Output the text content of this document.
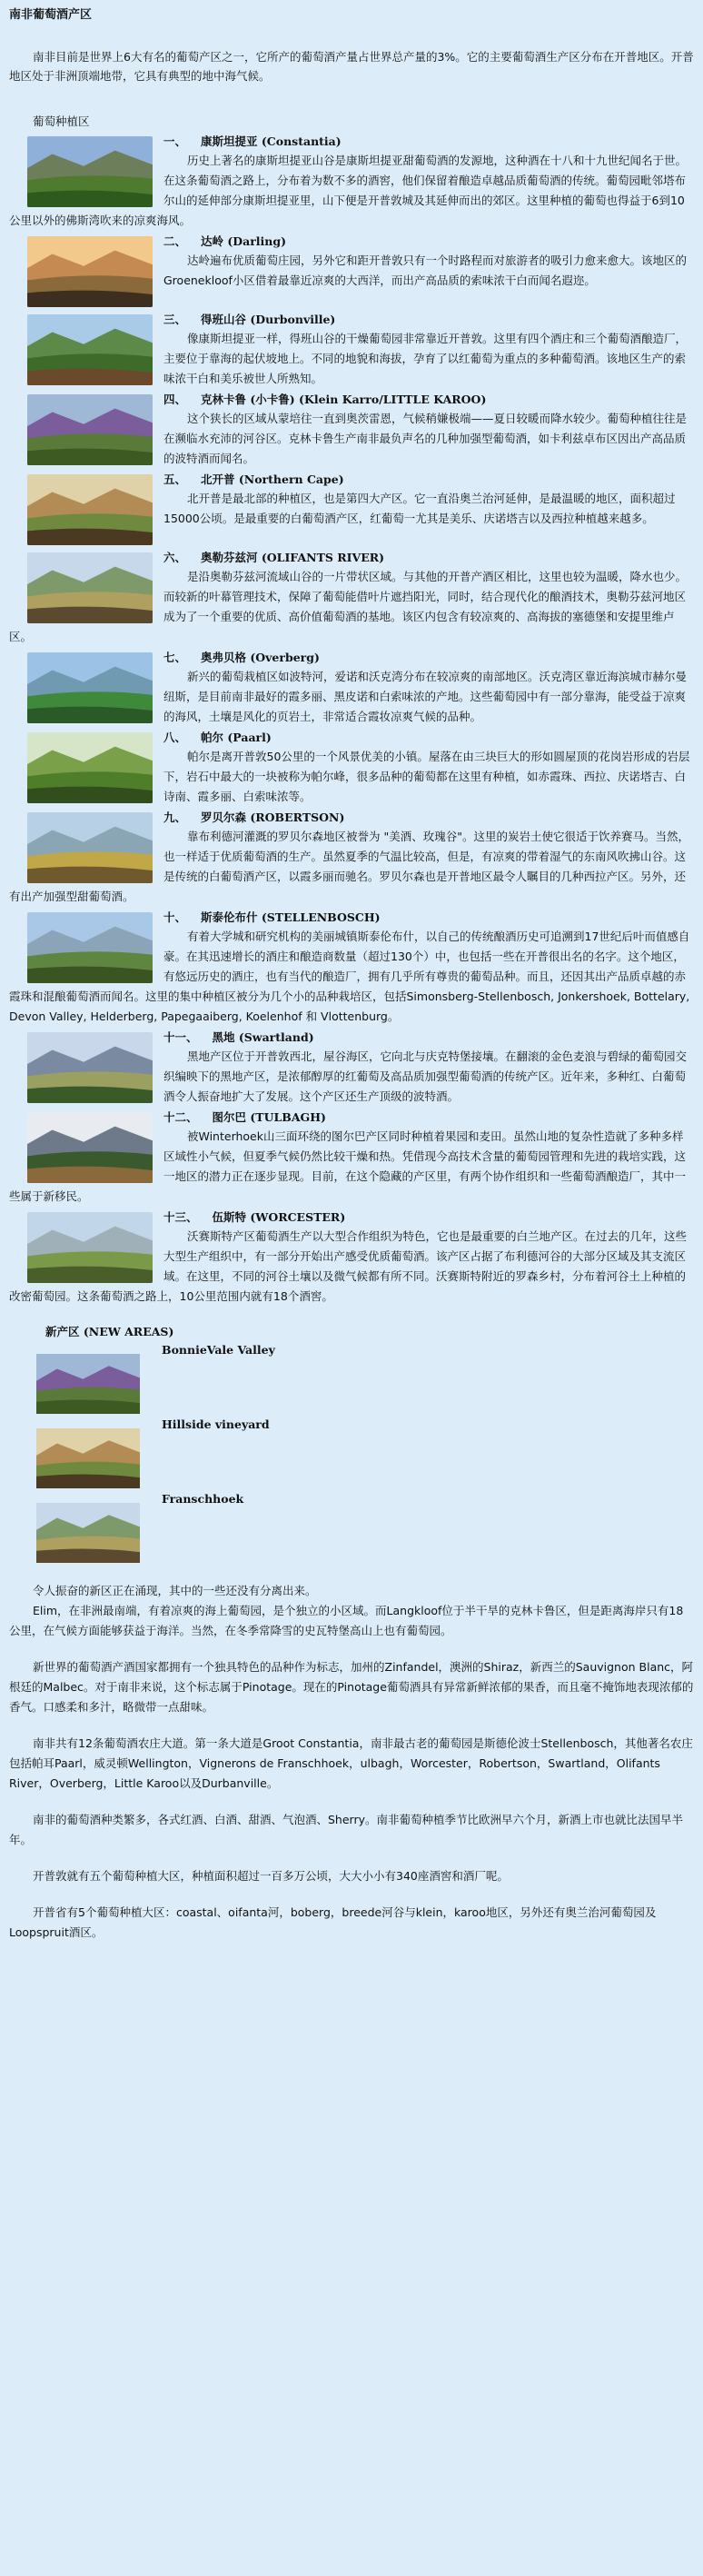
南非葡萄酒产区
南非目前是世界上6大有名的葡萄产区之一，它所产的葡萄酒产量占世界总产量的3%。它的主要葡萄酒生产区分布在开普地区。开普地区处于非洲顶端地带，它具有典型的地中海气候。
葡萄种植区
一、 康斯坦提亚 (Constantia)
历史上著名的康斯坦提亚山谷是康斯坦提亚甜葡萄酒的发源地，这种酒在十八和十九世纪闻名于世。在这条葡萄酒之路上，分布着为数不多的酒窖，他们保留着酿造卓越品质葡萄酒的传统。葡萄园毗邻塔布尔山的延伸部分康斯坦提亚里，山下便是开普敦城及其延伸而出的郊区。这里种植的葡萄也得益于6到10公里以外的佛斯湾吹来的凉爽海风。
二、 达岭 (Darling)
达岭遍布优质葡萄庄园，另外它和距开普敦只有一个时路程而对旅游者的吸引力愈来愈大。该地区的Groenekloof小区借着最靠近凉爽的大西洋，而出产高品质的索味浓干白而闻名遐迩。
三、 得班山谷 (Durbonville)
像康斯坦提亚一样，得班山谷的干燥葡萄园非常靠近开普敦。这里有四个酒庄和三个葡萄酒酿造厂，主要位于靠海的起伏坡地上。不同的地貌和海拔，孕育了以红葡萄为重点的多种葡萄酒。该地区生产的索味浓干白和美乐被世人所熟知。
四、 克林卡鲁 (小卡鲁) (Klein Karro/LITTLE KAROO)
这个狭长的区域从蒙培往一直到奥茨雷恩，气候稍嫌极端——夏日较暖而降水较少。葡萄种植往往是在濒临水充沛的河谷区。克林卡鲁生产南非最负声名的几种加强型葡萄酒，如卡利兹卓布区因出产高品质的波特酒而闻名。
五、 北开普 (Northern Cape)
北开普是最北部的种植区，也是第四大产区。它一直沿奥兰治河延伸，是最温暖的地区，面积超过15000公顷。是最重要的白葡萄酒产区，红葡萄一尤其是美乐、庆诺塔吉以及西拉种植越来越多。
六、 奥勒芬兹河 (OLIFANTS RIVER)
是沿奥勒芬兹河流域山谷的一片带状区域。与其他的开普产酒区相比，这里也较为温暖，降水也少。而较新的叶幕管理技术，保障了葡萄能借叶片遮挡阳光，同时，结合现代化的酿酒技术，奥勒芬兹河地区成为了一个重要的优质、高价值葡萄酒的基地。该区内包含有较凉爽的、高海拔的塞德堡和安提里维卢区。
七、 奥弗贝格 (Overberg)
新兴的葡萄栽植区如波特河，爱诺和沃克湾分布在较凉爽的南部地区。沃克湾区靠近海滨城市赫尔曼纽斯，是目前南非最好的霞多丽、黑皮诺和白索味浓的产地。这些葡萄园中有一部分靠海，能受益于凉爽的海风，土壤是风化的页岩土，非常适合霞妆凉爽气候的品种。
八、 帕尔 (Paarl)
帕尔是离开普敦50公里的一个风景优美的小镇。屋落在由三块巨大的形如圆屋顶的花岗岩形成的岩层下，岩石中最大的一块被称为帕尔峰，很多品种的葡萄都在这里有种植，如赤霞珠、西拉、庆诺塔吉、白诗南、霞多丽、白索味浓等。
九、 罗贝尔森 (ROBERTSON)
靠布利德河灌溉的罗贝尔森地区被誉为 "美酒、玫瑰谷"。这里的炭岩土使它很适于饮养赛马。当然，也一样适于优质葡萄酒的生产。虽然夏季的气温比较高，但是，有凉爽的带着湿气的东南风吹拂山谷。这是传统的白葡萄酒产区，以霞多丽而驰名。罗贝尔森也是开普地区最令人瞩目的几种西拉产区。另外，还有出产加强型甜葡萄酒。
十、 斯泰伦布什 (STELLENBOSCH)
有着大学城和研究机构的美丽城镇斯泰伦布什，以自己的传统酿酒历史可追溯到17世纪后叶而值感自豪。在其迅速增长的酒庄和酿造商数量（超过130个）中，也包括一些在开普很出名的名字。这个地区，有悠远历史的酒庄，也有当代的酿造厂，拥有几乎所有尊贵的葡萄品种。而且，还因其出产品质卓越的赤霞珠和混酿葡萄酒而闻名。这里的集中种植区被分为几个小的品种栽培区，包括Simonsberg-Stellenbosch, Jonkershoek, Bottelary, Devon Valley, Helderberg, Papegaaiberg, Koelenhof 和 Vlottenburg。
十一、 黑地 (Swartland)
黑地产区位于开普敦西北，屋谷海区，它向北与庆克特堡接壤。在翻滚的金色麦浪与碧绿的葡萄园交织编映下的黑地产区，是浓郁醇厚的红葡萄及高品质加强型葡萄酒的传统产区。近年来，多种红、白葡萄酒令人振奋地扩大了发展。这个产区还生产顶级的波特酒。
十二、 图尔巴 (TULBAGH)
被Winterhoek山三面环绕的图尔巴产区同时种植着果园和麦田。虽然山地的复杂性造就了多种多样区域性小气候，但夏季气候仍然比较干燥和热。凭借现今高技术含量的葡萄园管理和先进的栽培实践，这一地区的潜力正在逐步显现。目前，在这个隐藏的产区里，有两个协作组织和一些葡萄酒酿造厂，其中一些属于新移民。
十三、 伍斯特 (WORCESTER)
沃赛斯特产区葡萄酒生产以大型合作组织为特色，它也是最重要的白兰地产区。在过去的几年，这些大型生产组织中，有一部分开始出产感受优质葡萄酒。该产区占据了布利德河谷的大部分区域及其支流区域。在这里，不同的河谷土壤以及微气候都有所不同。沃赛斯特附近的罗森乡村，分布着河谷土上种植的改密葡萄园。这条葡萄酒之路上，10公里范围内就有18个酒窖。
新产区 (NEW AREAS)
BonnieVale Valley
Hillside vineyard
Franschhoek
令人振奋的新区正在涌现，其中的一些还没有分离出来。
Elim，在非洲最南端，有着凉爽的海上葡萄园，是个独立的小区域。而Langkloof位于半干旱的克林卡鲁区，但是距离海岸只有18公里，在气候方面能够获益于海洋。当然，在冬季常降雪的史瓦特堡高山上也有葡萄园。
新世界的葡萄酒产酒国家都拥有一个独具特色的品种作为标志，加州的Zinfandel，澳洲的Shiraz，新西兰的Sauvignon Blanc，阿根廷的Malbec。对于南非来说，这个标志属于Pinotage。现在的Pinotage葡萄酒具有异常新鲜浓郁的果香，而且毫不掩饰地表现浓郁的香气。口感柔和多汁，略微带一点甜味。
南非共有12条葡萄酒农庄大道。第一条大道是Groot Constantia，南非最古老的葡萄园是斯德伦波士Stellenbosch，其他著名农庄包括帕耳Paarl，威灵顿Wellington，Vignerons de Franschhoek，ulbagh，Worcester，Robertson，Swartland，Olifants River，Overberg，Little Karoo以及Durbanville。
南非的葡萄酒种类繁多，各式红酒、白酒、甜酒、气泡酒、Sherry。南非葡萄种植季节比欧洲早六个月，新酒上市也就比法国早半年。
开普敦就有五个葡萄种植大区，种植面积超过一百多万公顷，大大小小有340座酒窖和酒厂呢。
开普省有5个葡萄种植大区：coastal、oifanta河，boberg，breede河谷与klein，karoo地区，另外还有奥兰治河葡萄园及Loopspruit酒区。
